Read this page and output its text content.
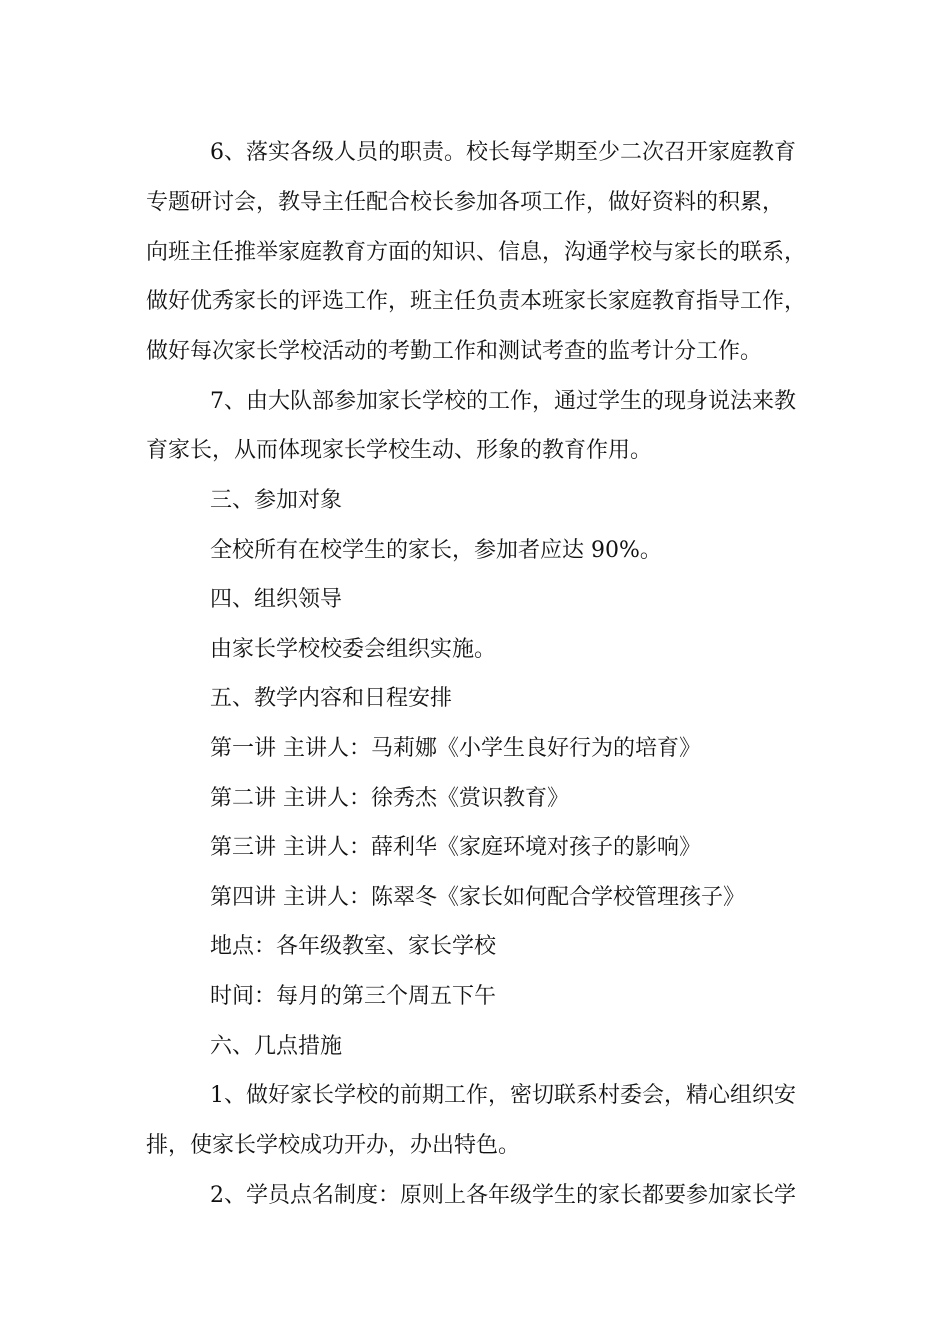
6、落实各级人员的职责。校长每学期至少二次召开家庭教育
专题研讨会，教导主任配合校长参加各项工作，做好资料的积累，
向班主任推举家庭教育方面的知识、信息，沟通学校与家长的联系，
做好优秀家长的评选工作，班主任负责本班家长家庭教育指导工作，
做好每次家长学校活动的考勤工作和测试考查的监考计分工作。
7、由大队部参加家长学校的工作，通过学生的现身说法来教
育家长，从而体现家长学校生动、形象的教育作用。
三、参加对象
全校所有在校学生的家长，参加者应达 90%。
四、组织领导
由家长学校校委会组织实施。
五、教学内容和日程安排
第一讲 主讲人：马莉娜《小学生良好行为的培育》
第二讲 主讲人：徐秀杰《赏识教育》
第三讲 主讲人：薛利华《家庭环境对孩子的影响》
第四讲 主讲人：陈翠冬《家长如何配合学校管理孩子》
地点：各年级教室、家长学校
时间：每月的第三个周五下午
六、几点措施
1、做好家长学校的前期工作，密切联系村委会，精心组织安
排，使家长学校成功开办，办出特色。
2、学员点名制度：原则上各年级学生的家长都要参加家长学
